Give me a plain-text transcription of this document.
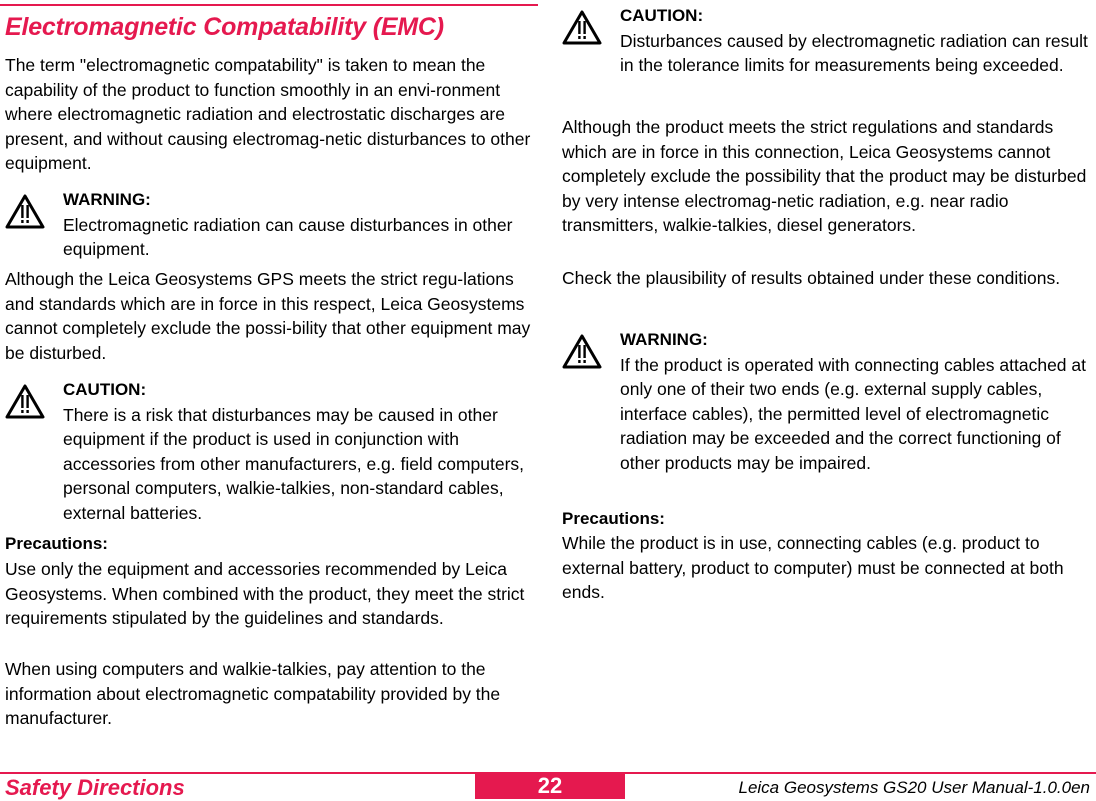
Electromagnetic Compatability (EMC)

The term "electromagnetic compatability" is taken to mean the capability of the product to function smoothly in an envi-ronment where electromagnetic radiation and electrostatic discharges are present, and without causing electromag-netic disturbances to other equipment.

WARNING:

Electromagnetic radiation can cause disturbances in other equipment.

Although the Leica Geosystems GPS meets the strict regu-lations and standards which are in force in this respect, Leica Geosystems cannot completely exclude the possi-bility that other equipment may be disturbed.

CAUTION:

There is a risk that disturbances may be caused in other equipment if the product is used in conjunction with accessories from other manufacturers, e.g. field computers, personal computers, walkie-talkies, non-standard cables, external batteries.

Precautions:

Use only the equipment and accessories recommended by Leica Geosystems. When combined with the product, they meet the strict requirements stipulated by the guidelines and standards.

When using computers and walkie-talkies, pay attention to the information about electromagnetic compatability provided by the manufacturer.

CAUTION:

Disturbances caused by electromagnetic radiation can result in the tolerance limits for measurements being exceeded.

Although the product meets the strict regulations and standards which are in force in this connection, Leica Geosystems cannot completely exclude the possibility that the product may be disturbed by very intense electromag-netic radiation, e.g. near radio transmitters, walkie-talkies, diesel generators.

Check the plausibility of results obtained under these conditions.

WARNING:

If the product is operated with connecting cables attached at only one of their two ends (e.g. external supply cables, interface cables), the permitted level of electromagnetic radiation may be exceeded and the correct functioning of other products may be impaired.

Precautions:

While the product is in use, connecting cables (e.g. product to external battery, product to computer) must be connected at both ends.

Safety Directions	22	Leica Geosystems GS20 User Manual-1.0.0en
